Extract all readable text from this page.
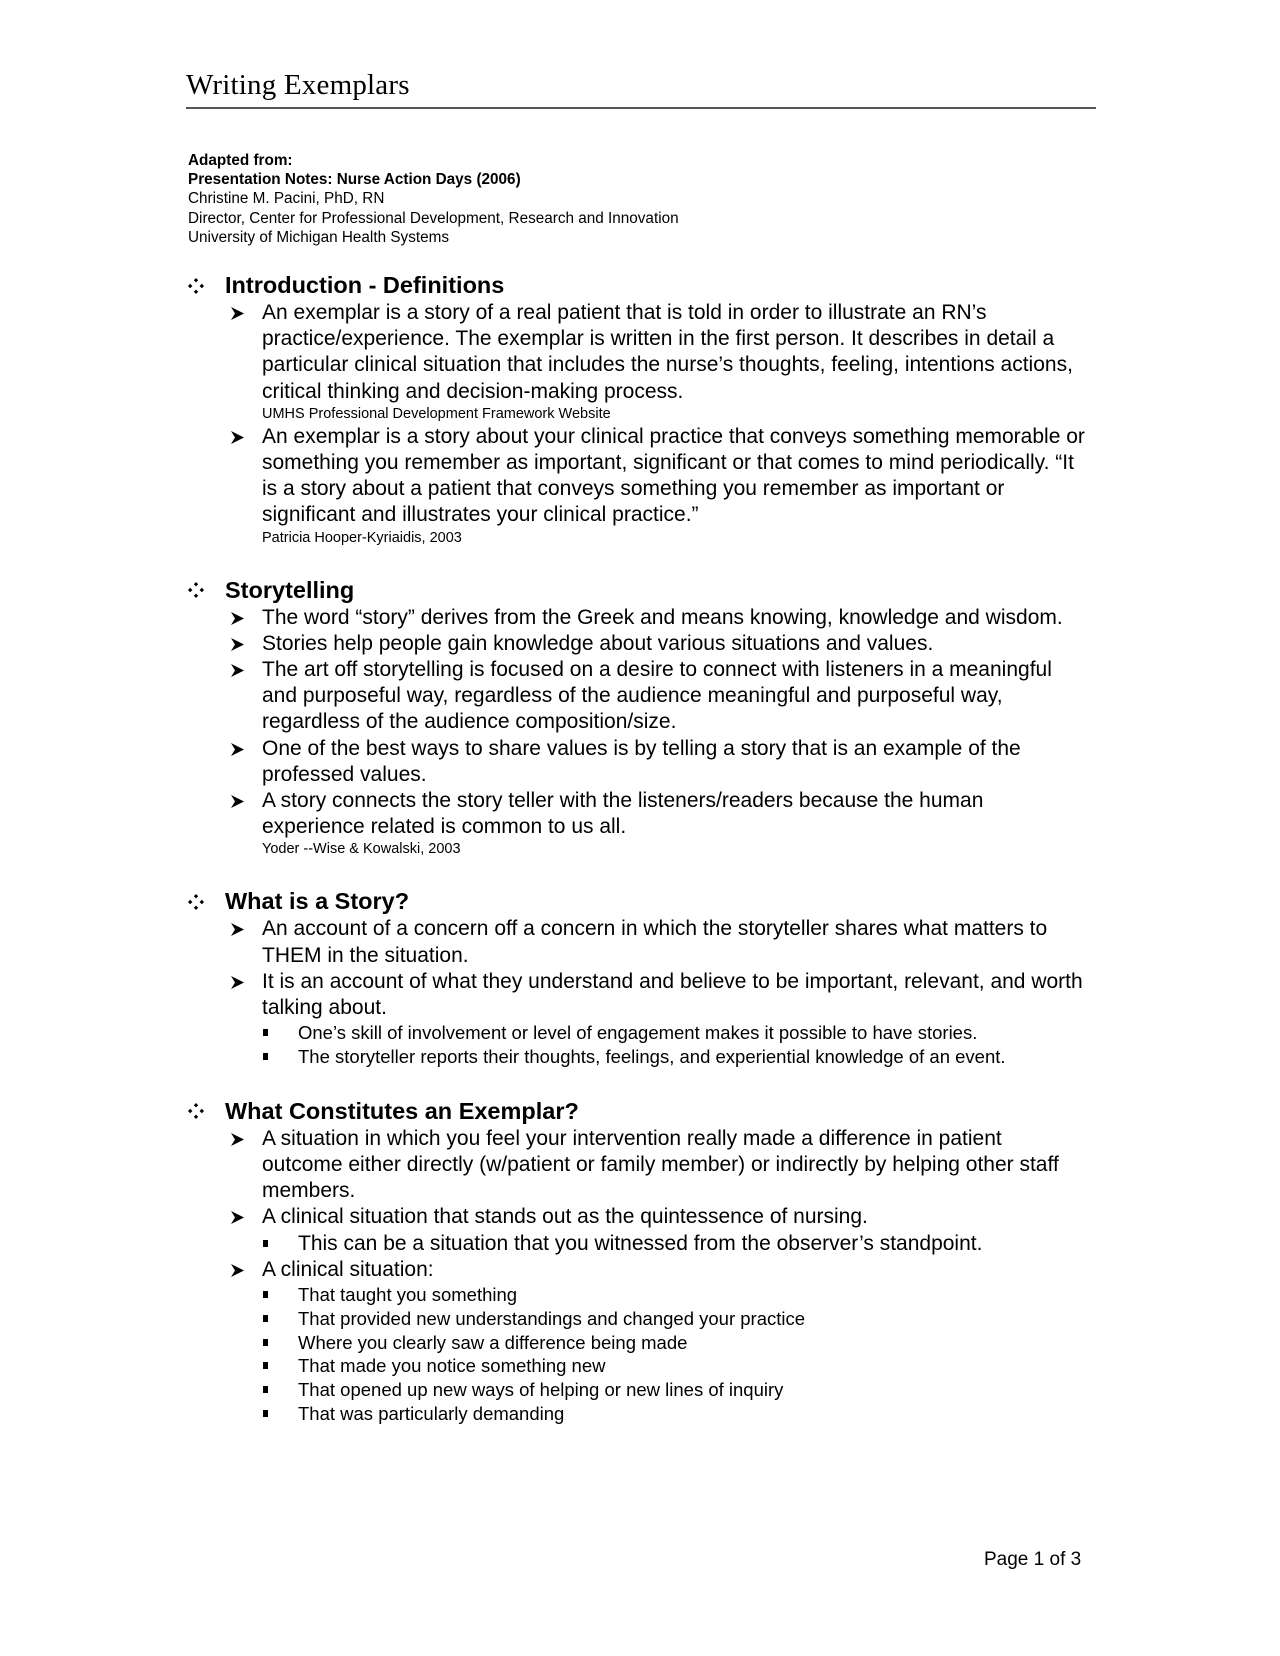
Writing Exemplars
Adapted from:
Presentation Notes: Nurse Action Days (2006)
Christine M. Pacini, PhD, RN
Director, Center for Professional Development, Research and Innovation
University of Michigan Health Systems
Introduction - Definitions
An exemplar is a story of a real patient that is told in order to illustrate an RN’s practice/experience. The exemplar is written in the first person. It describes in detail a particular clinical situation that includes the nurse’s thoughts, feeling, intentions actions, critical thinking and decision-making process.
UMHS Professional Development Framework Website
An exemplar is a story about your clinical practice that conveys something memorable or something you remember as important, significant or that comes to mind periodically. “It is a story about a patient that conveys something you remember as important or significant and illustrates your clinical practice.”
Patricia Hooper-Kyriaidis, 2003
Storytelling
The word “story” derives from the Greek and means knowing, knowledge and wisdom.
Stories help people gain knowledge about various situations and values.
The art off storytelling is focused on a desire to connect with listeners in a meaningful and purposeful way, regardless of the audience meaningful and purposeful way, regardless of the audience composition/size.
One of the best ways to share values is by telling a story that is an example of the professed values.
A story connects the story teller with the listeners/readers because the human experience related is common to us all.
Yoder --Wise & Kowalski, 2003
What is a Story?
An account of a concern off a concern in which the storyteller shares what matters to THEM in the situation.
It is an account of what they understand and believe to be important, relevant, and worth talking about.
One’s skill of involvement or level of engagement makes it possible to have stories.
The storyteller reports their thoughts, feelings, and experiential knowledge of an event.
What Constitutes an Exemplar?
A situation in which you feel your intervention really made a difference in patient outcome either directly (w/patient or family member) or indirectly by helping other staff members.
A clinical situation that stands out as the quintessence of nursing.
This can be a situation that you witnessed from the observer’s standpoint.
A clinical situation:
That taught you something
That provided new understandings and changed your practice
Where you clearly saw a difference being made
That made you notice something new
That opened up new ways of helping or new lines of inquiry
That was particularly demanding
Page 1 of 3
